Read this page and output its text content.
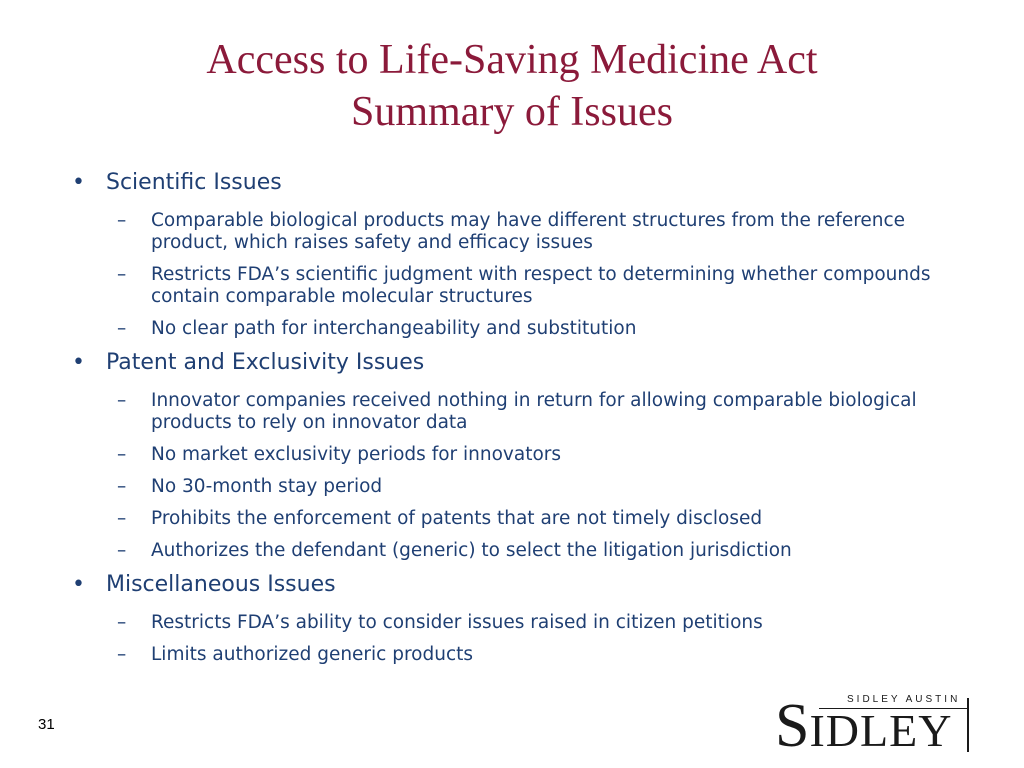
Access to Life-Saving Medicine Act
Summary of Issues
• Scientific Issues
– Comparable biological products may have different structures from the reference product, which raises safety and efficacy issues
– Restricts FDA’s scientific judgment with respect to determining whether compounds contain comparable molecular structures
– No clear path for interchangeability and substitution
• Patent and Exclusivity Issues
– Innovator companies received nothing in return for allowing comparable biological products to rely on innovator data
– No market exclusivity periods for innovators
– No 30-month stay period
– Prohibits the enforcement of patents that are not timely disclosed
– Authorizes the defendant (generic) to select the litigation jurisdiction
• Miscellaneous Issues
– Restricts FDA’s ability to consider issues raised in citizen petitions
– Limits authorized generic products
31
SIDLEY AUSTIN
SIDLEY
